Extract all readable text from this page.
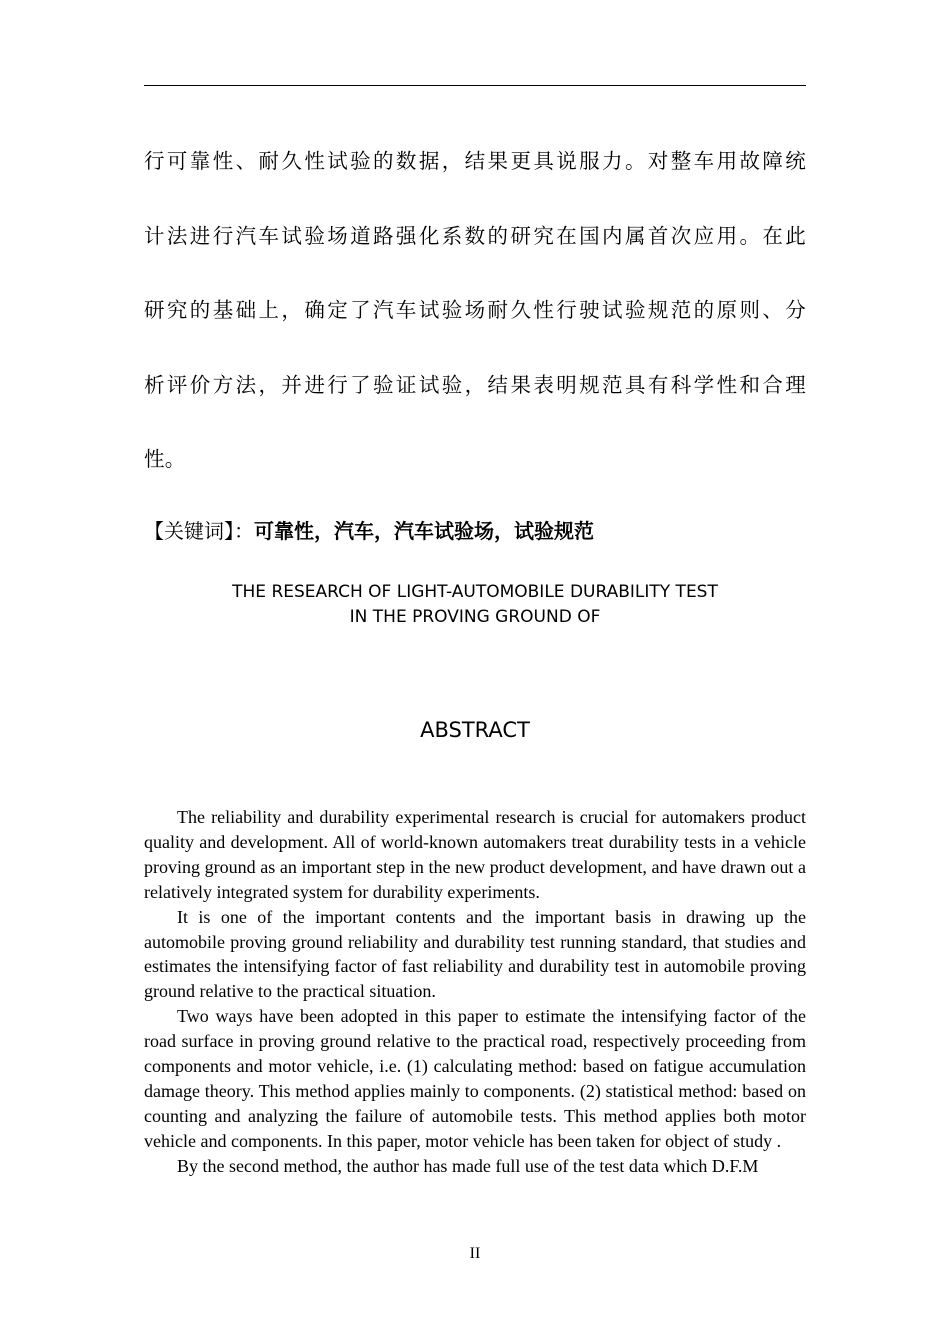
行可靠性、耐久性试验的数据，结果更具说服力。对整车用故障统
计法进行汽车试验场道路强化系数的研究在国内属首次应用。在此
研究的基础上，确定了汽车试验场耐久性行驶试验规范的原则、分
析评价方法，并进行了验证试验，结果表明规范具有科学性和合理
性。
【关键词】：可靠性，汽车，汽车试验场，试验规范
THE RESEARCH OF LIGHT-AUTOMOBILE DURABILITY TEST
IN THE PROVING GROUND OF
ABSTRACT

The reliability and durability experimental research is crucial for automakers product quality and development. All of world-known automakers treat durability tests in a vehicle proving ground as an important step in the new product development, and have drawn out a relatively integrated system for durability experiments.

It is one of the important contents and the important basis in drawing up the automobile proving ground reliability and durability test running standard, that studies and estimates the intensifying factor of fast reliability and durability test in automobile proving ground relative to the practical situation.

Two ways have been adopted in this paper to estimate the intensifying factor of the road surface in proving ground relative to the practical road, respectively proceeding from components and motor vehicle, i.e. (1) calculating method: based on fatigue accumulation damage theory. This method applies mainly to components. (2) statistical method: based on counting and analyzing the failure of automobile tests. This method applies both motor vehicle and components. In this paper, motor vehicle has been taken for object of study .

By the second method, the author has made full use of the test data which D.F.M

II
